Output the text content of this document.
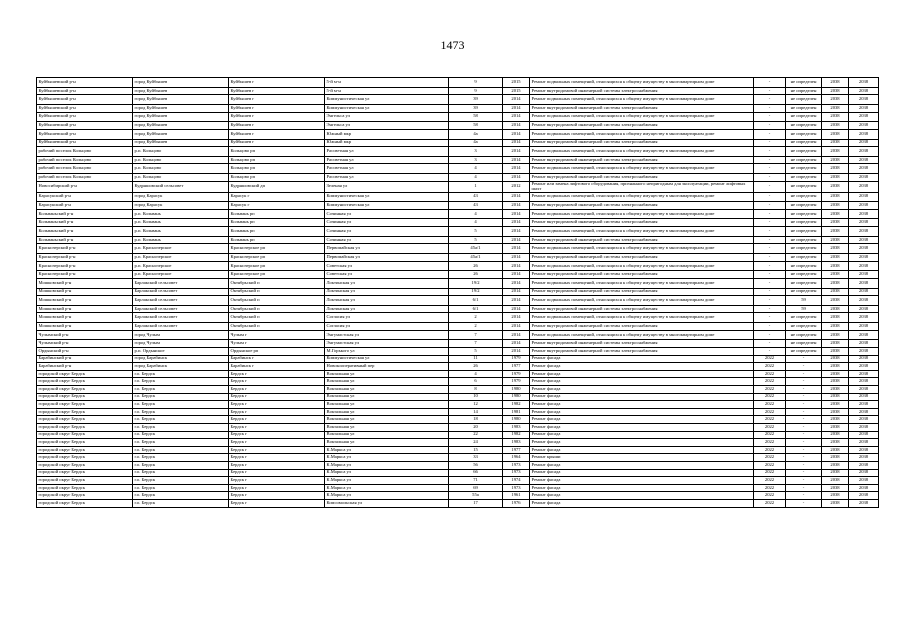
1473
Куйбышевский р-н	город Куйбышев	Куйбышев г	5-й м-н	9	2015	Ремонт подвальных помещений, относящихся к общему имуществу в многоквартирном доме	-	не определен	2038	2038
Куйбышевский р-н	город Куйбышев	Куйбышев г	5-й м-н	9	2015	Ремонт внутридомовой инженерной системы электроснабжения	-	не определен	2038	2038
Куйбышевский р-н	город Куйбышев	Куйбышев г	Коммунистическая ул	39	2014	Ремонт подвальных помещений, относящихся к общему имуществу в многоквартирном доме	-	не определен	2038	2038
Куйбышевский р-н	город Куйбышев	Куйбышев г	Коммунистическая ул	39	2014	Ремонт внутридомовой инженерной системы электроснабжения	-	не определен	2038	2038
Куйбышевский р-н	город Куйбышев	Куйбышев г	Энгельса ул	58	2014	Ремонт подвальных помещений, относящихся к общему имуществу в многоквартирном доме	-	не определен	2038	2038
Куйбышевский р-н	город Куйбышев	Куйбышев г	Энгельса ул	58	2014	Ремонт внутридомовой инженерной системы электроснабжения	-	не определен	2038	2038
Куйбышевский р-н	город Куйбышев	Куйбышев г	Южный мкр	4а	2014	Ремонт подвальных помещений, относящихся к общему имуществу в многоквартирном доме	-	не определен	2038	2038
Куйбышевский р-н	город Куйбышев	Куйбышев г	Южный мкр	4а	2014	Ремонт внутридомовой инженерной системы электроснабжения	-	не определен	2038	2038
рабочий поселок Кольцово	р.п. Кольцово	Кольцово рп	Рассветная ул	3	2014	Ремонт подвальных помещений, относящихся к общему имуществу в многоквартирном доме	-	не определен	2038	2038
рабочий поселок Кольцово	р.п. Кольцово	Кольцово рп	Рассветная ул	3	2014	Ремонт внутридомовой инженерной системы электроснабжения	-	не определен	2038	2038
рабочий поселок Кольцово	р.п. Кольцово	Кольцово рп	Рассветная ул	4	2014	Ремонт подвальных помещений, относящихся к общему имуществу в многоквартирном доме	-	не определен	2038	2038
рабочий поселок Кольцово	р.п. Кольцово	Кольцово рп	Рассветная ул	4	2014	Ремонт внутридомовой инженерной системы электроснабжения	-	не определен	2038	2038
Новосибирский р-н	Кудряшовский сельсовет	Кудряшовский дп	Зеленая ул	1	2012	Ремонт или замена лифтового оборудования, признанного непригодным для эксплуатации, ремонт лифтовых шахт	-	не определен	2038	2038
Карасукский р-н	город Карасук	Карасук г	Коммунистическая ул	43	2014	Ремонт подвальных помещений, относящихся к общему имуществу в многоквартирном доме	-	не определен	2038	2038
Карасукский р-н	город Карасук	Карасук г	Коммунистическая ул	43	2014	Ремонт внутридомовой инженерной системы электроснабжения	-	не определен	2038	2038
Кольваньский р-н	р.п. Кольвань	Кольвань рп	Сочинная ул	4	2014	Ремонт подвальных помещений, относящихся к общему имуществу в многоквартирном доме	-	не определен	2038	2038
Кольваньский р-н	р.п. Кольвань	Кольвань рп	Сочинная ул	4	2014	Ремонт внутридомовой инженерной системы электроснабжения	-	не определен	2038	2038
Кольваньский р-н	р.п. Кольвань	Кольвань рп	Сочинная ул	5	2014	Ремонт подвальных помещений, относящихся к общему имуществу в многоквартирном доме	-	не определен	2038	2038
Кольваньский р-н	р.п. Кольвань	Кольвань рп	Сочинная ул	5	2014	Ремонт внутридомовой инженерной системы электроснабжения	-	не определен	2038	2038
Краснозерский р-н	р.п. Краснозерское	Краснозерское рп	Первомайская ул	45а/1	2014	Ремонт подвальных помещений, относящихся к общему имуществу в многоквартирном доме	-	не определен	2038	2038
Краснозерский р-н	р.п. Краснозерское	Краснозерское рп	Первомайская ул	45а/1	2014	Ремонт внутридомовой инженерной системы электроснабжения	-	не определен	2038	2038
Краснозерский р-н	р.п. Краснозерское	Краснозерское рп	Советская ул	26	2014	Ремонт подвальных помещений, относящихся к общему имуществу в многоквартирном доме	-	не определен	2038	2038
Краснозерский р-н	р.п. Краснозерское	Краснозерское рп	Советская ул	26	2014	Ремонт внутридомовой инженерной системы электроснабжения	-	не определен	2038	2038
Мошковский р-н	Барлакский сельсовет	Октябрьский п	Локтинская ул	19/2	2014	Ремонт подвальных помещений, относящихся к общему имуществу в многоквартирном доме	-	не определен	2038	2038
Мошковский р-н	Барлакский сельсовет	Октябрьский п	Локтинская ул	19/2	2014	Ремонт внутридомовой инженерной системы электроснабжения	-	не определен	2038	2038
Мошковский р-н	Барлакский сельсовет	Октябрьский п	Локтинская ул	6/1	2014	Ремонт подвальных помещений, относящихся к общему имуществу в многоквартирном доме	-	59	2038	2038
Мошковский р-н	Барлакский сельсовет	Октябрьский п	Локтинская ул	6/1	2014	Ремонт внутридомовой инженерной системы электроснабжения	-	59	2038	2038
Мошковский р-н	Барлакский сельсовет	Октябрьский п	Согласия ул	2	2014	Ремонт подвальных помещений, относящихся к общему имуществу в многоквартирном доме	-	не определен	2038	2038
Мошковский р-н	Барлакский сельсовет	Октябрьский п	Согласия ул	2	2014	Ремонт внутридомовой инженерной системы электроснабжения	-	не определен	2038	2038
Чулымский р-н	город Чулым	Чулым г	Энгумастская ул	7	2014	Ремонт подвальных помещений, относящихся к общему имуществу в многоквартирном доме	-	не определен	2038	2038
Чулымский р-н	город Чулым	Чулым г	Энгумастская ул	7	2014	Ремонт внутридомовой инженерной системы электроснабжения	-	не определен	2038	2038
Ордынский р-н	р.п. Ордынское	Ордынское рп	М.Горького ул	5	2014	Ремонт внутридомовой инженерной системы электроснабжения	-	не определен	2038	2038
Барабинский р-н	город Барабинск	Барабинск г	Коммунистическая ул	11	1979	Ремонт фасада	2022	-	2038	2038
Барабинский р-н	город Барабинск	Барабинск г	Новокооперативный пер	26	1977	Ремонт фасада	2022	-	2038	2038
городской округ Бердск	г.о. Бердск	Бердск г	Вокзальная ул	4	1979	Ремонт фасада	2022	-	2038	2038
городской округ Бердск	г.о. Бердск	Бердск г	Вокзальная ул	6	1979	Ремонт фасада	2022	-	2038	2038
городской округ Бердск	г.о. Бердск	Бердск г	Вокзальная ул	8	1980	Ремонт фасада	2022	-	2038	2038
городской округ Бердск	г.о. Бердск	Бердск г	Вокзальная ул	10	1980	Ремонт фасада	2022	-	2038	2038
городской округ Бердск	г.о. Бердск	Бердск г	Вокзальная ул	12	1982	Ремонт фасада	2022	-	2038	2038
городской округ Бердск	г.о. Бердск	Бердск г	Вокзальная ул	14	1981	Ремонт фасада	2022	-	2038	2038
городской округ Бердск	г.о. Бердск	Бердск г	Вокзальная ул	18	1980	Ремонт фасада	2022	-	2038	2038
городской округ Бердск	г.о. Бердск	Бердск г	Вокзальная ул	20	1983	Ремонт фасада	2022	-	2038	2038
городской округ Бердск	г.о. Бердск	Бердск г	Вокзальная ул	22	1982	Ремонт фасада	2022	-	2038	2038
городской округ Бердск	г.о. Бердск	Бердск г	Вокзальная ул	24	1983	Ремонт фасада	2022	-	2038	2038
городской округ Бердск	г.о. Бердск	Бердск г	К.Маркса ул	15	1977	Ремонт фасада	2022	-	2038	2038
городской округ Бердск	г.о. Бердск	Бердск г	К.Маркса ул	33	1964	Ремонт крыши	2022	-	2038	2038
городской округ Бердск	г.о. Бердск	Бердск г	К.Маркса ул	56	1973	Ремонт фасада	2022	-	2038	2038
городской округ Бердск	г.о. Бердск	Бердск г	К.Маркса ул	66	1973	Ремонт фасада	2022	-	2038	2038
городской округ Бердск	г.о. Бердск	Бердск г	К.Маркса ул	71	1974	Ремонт фасада	2022	-	2038	2038
городской округ Бердск	г.о. Бердск	Бердск г	К.Маркса ул	69	1973	Ремонт фасада	2022	-	2038	2038
городской округ Бердск	г.о. Бердск	Бердск г	К.Маркса ул	55а	1961	Ремонт фасада	2022	-	2038	2038
городской округ Бердск	г.о. Бердск	Бердск г	Комсомольская ул	17	1976	Ремонт фасада	2022	-	2038	2038
